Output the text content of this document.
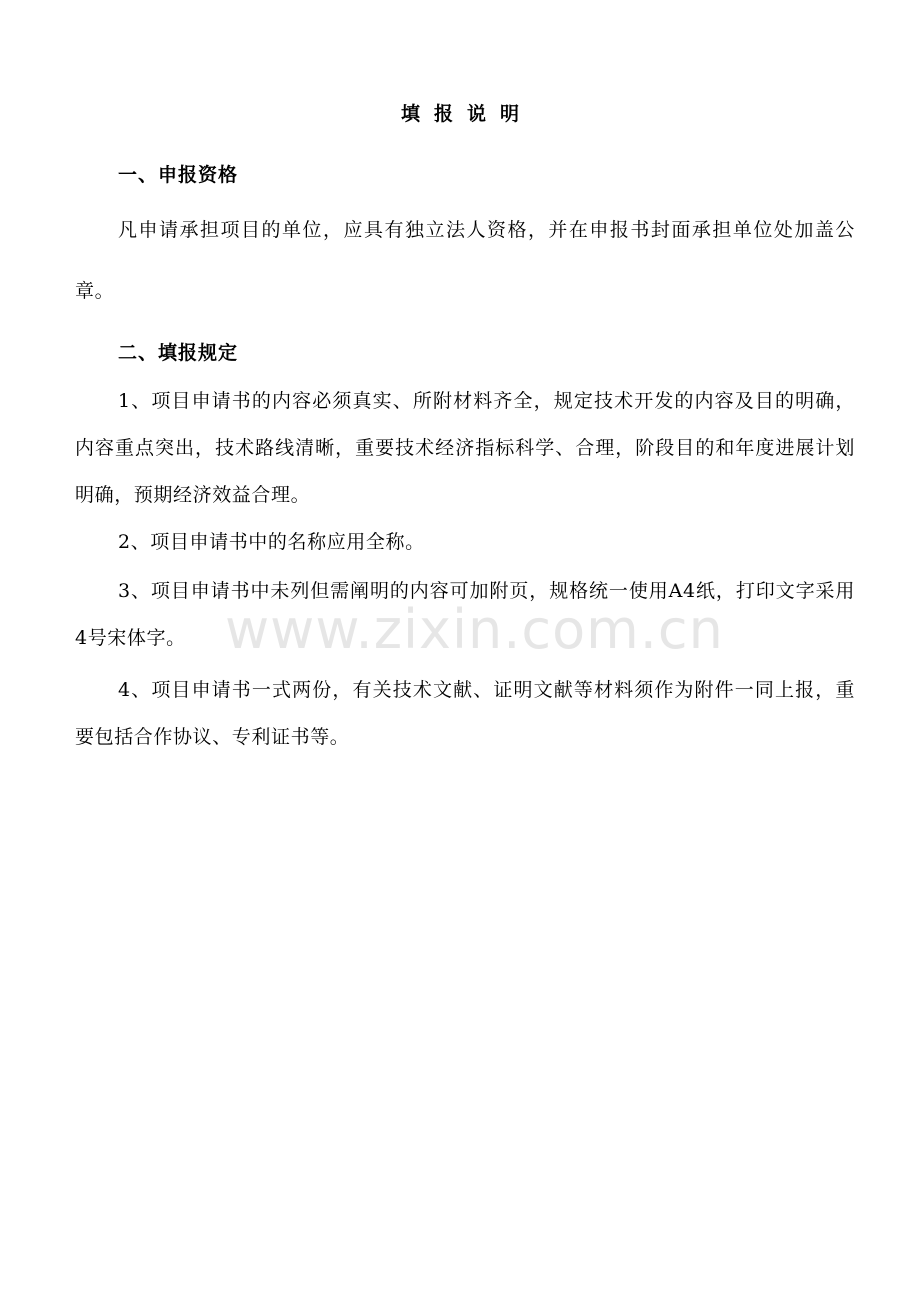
www.zixin.com.cn
填报说明
一、申报资格
凡申请承担项目的单位，应具有独立法人资格，并在申报书封面承担单位处加盖公章。
二、填报规定
1、项目申请书的内容必须真实、所附材料齐全，规定技术开发的内容及目的明确，内容重点突出，技术路线清晰，重要技术经济指标科学、合理，阶段目的和年度进展计划明确，预期经济效益合理。
2、项目申请书中的名称应用全称。
3、项目申请书中未列但需阐明的内容可加附页，规格统一使用A4纸，打印文字采用4号宋体字。
4、项目申请书一式两份，有关技术文献、证明文献等材料须作为附件一同上报，重要包括合作协议、专利证书等。
